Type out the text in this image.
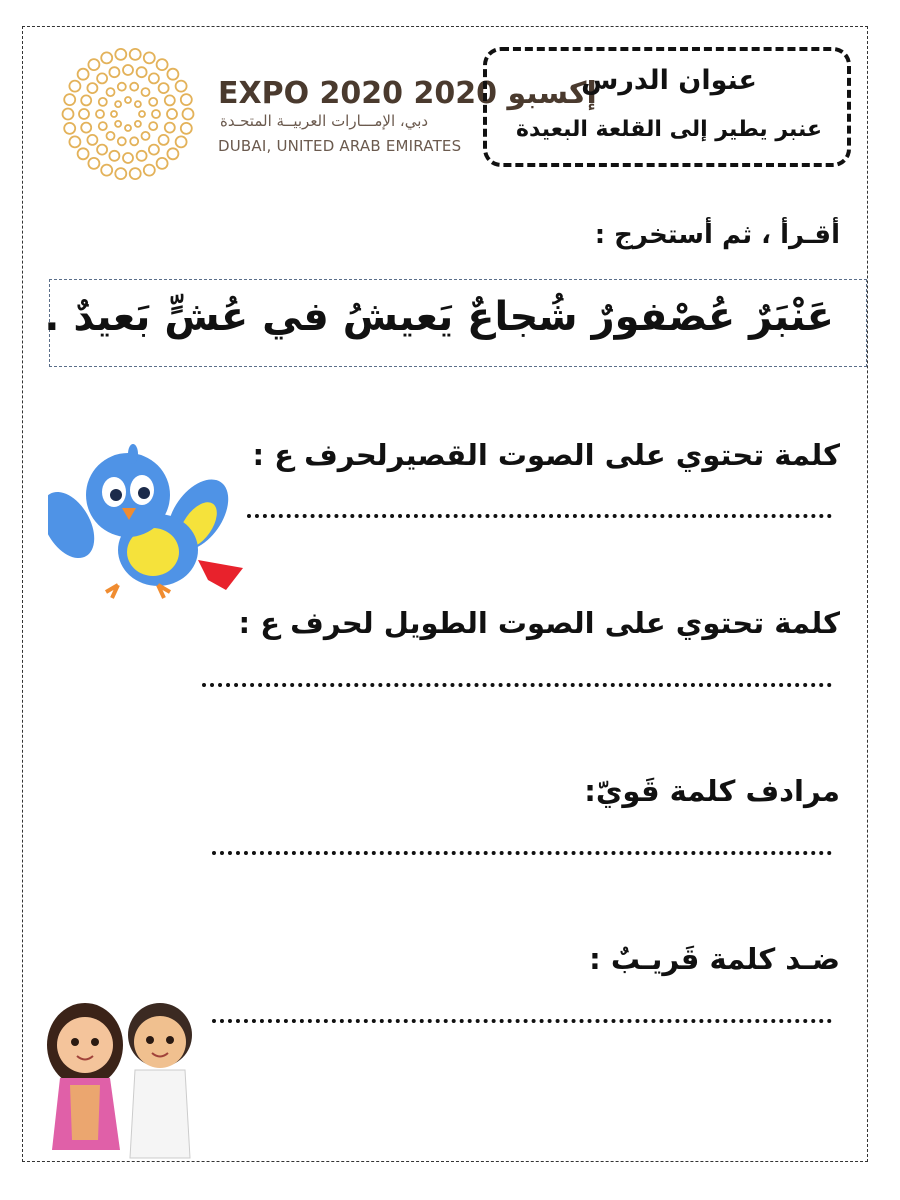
EXPO 2020 إكسبو 2020
دبي، الإمـــارات العربيــة المتحـدة
DUBAI, UNITED ARAB EMIRATES
عنوان الدرس
عنبر يطير إلى القلعة البعيدة
أقـرأ ، ثم أستخرج :
عَنْبَرٌ عُصْفورٌ شُجاعٌ يَعيشُ في عُشٍّ بَعيدٌ .
كلمة تحتوي على الصوت القصيرلحرف ع :
كلمة تحتوي على الصوت الطويل لحرف ع :
مرادف كلمة قَويّ:
ضـد كلمة قَريـبٌ :
